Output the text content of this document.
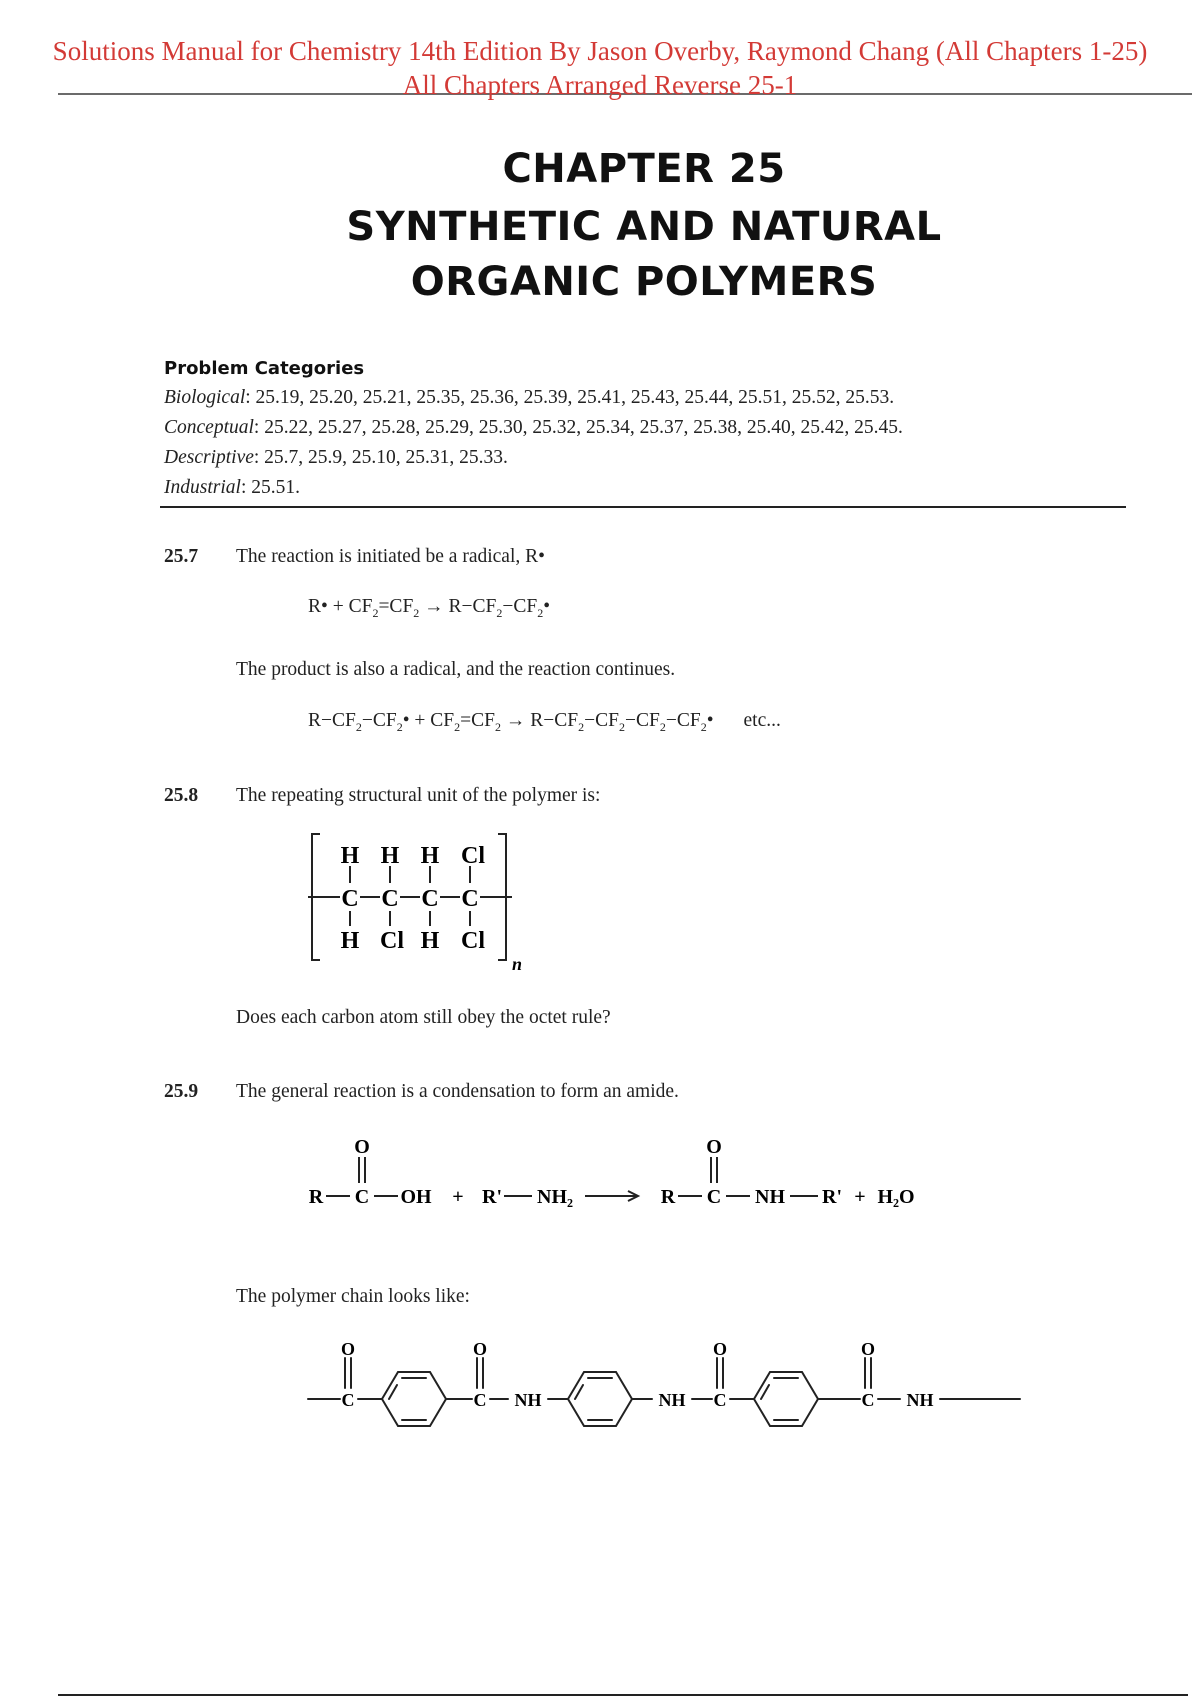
Solutions Manual for Chemistry 14th Edition By Jason Overby, Raymond Chang (All Chapters 1-25)
All Chapters Arranged Reverse 25-1
CHAPTER 25
SYNTHETIC AND NATURAL
ORGANIC POLYMERS
Problem Categories
Biological: 25.19, 25.20, 25.21, 25.35, 25.36, 25.39, 25.41, 25.43, 25.44, 25.51, 25.52, 25.53.
Conceptual: 25.22, 25.27, 25.28, 25.29, 25.30, 25.32, 25.34, 25.37, 25.38, 25.40, 25.42, 25.45.
Descriptive: 25.7, 25.9, 25.10, 25.31, 25.33.
Industrial: 25.51.
25.7 The reaction is initiated be a radical, R•
R• + $CF_2=CF_2$ → $R-CF_2-CF_2•$
The product is also a radical, and the reaction continues.
$R-CF_2-CF_2• + CF_2=CF_2$ → $R-CF_2-CF_2-CF_2-CF_2•$ etc...
25.8 The repeating structural unit of the polymer is:
C C C C
H H H Cl
H Cl H Cl
n
Does each carbon atom still obey the octet rule?
25.9 The general reaction is a condensation to form an amide.
R C
O
OH + R' NH₂	R C
O
NH R' + H₂O
The polymer chain looks like:
C
O
C
O
NH	NH C
O
C
O
NH
